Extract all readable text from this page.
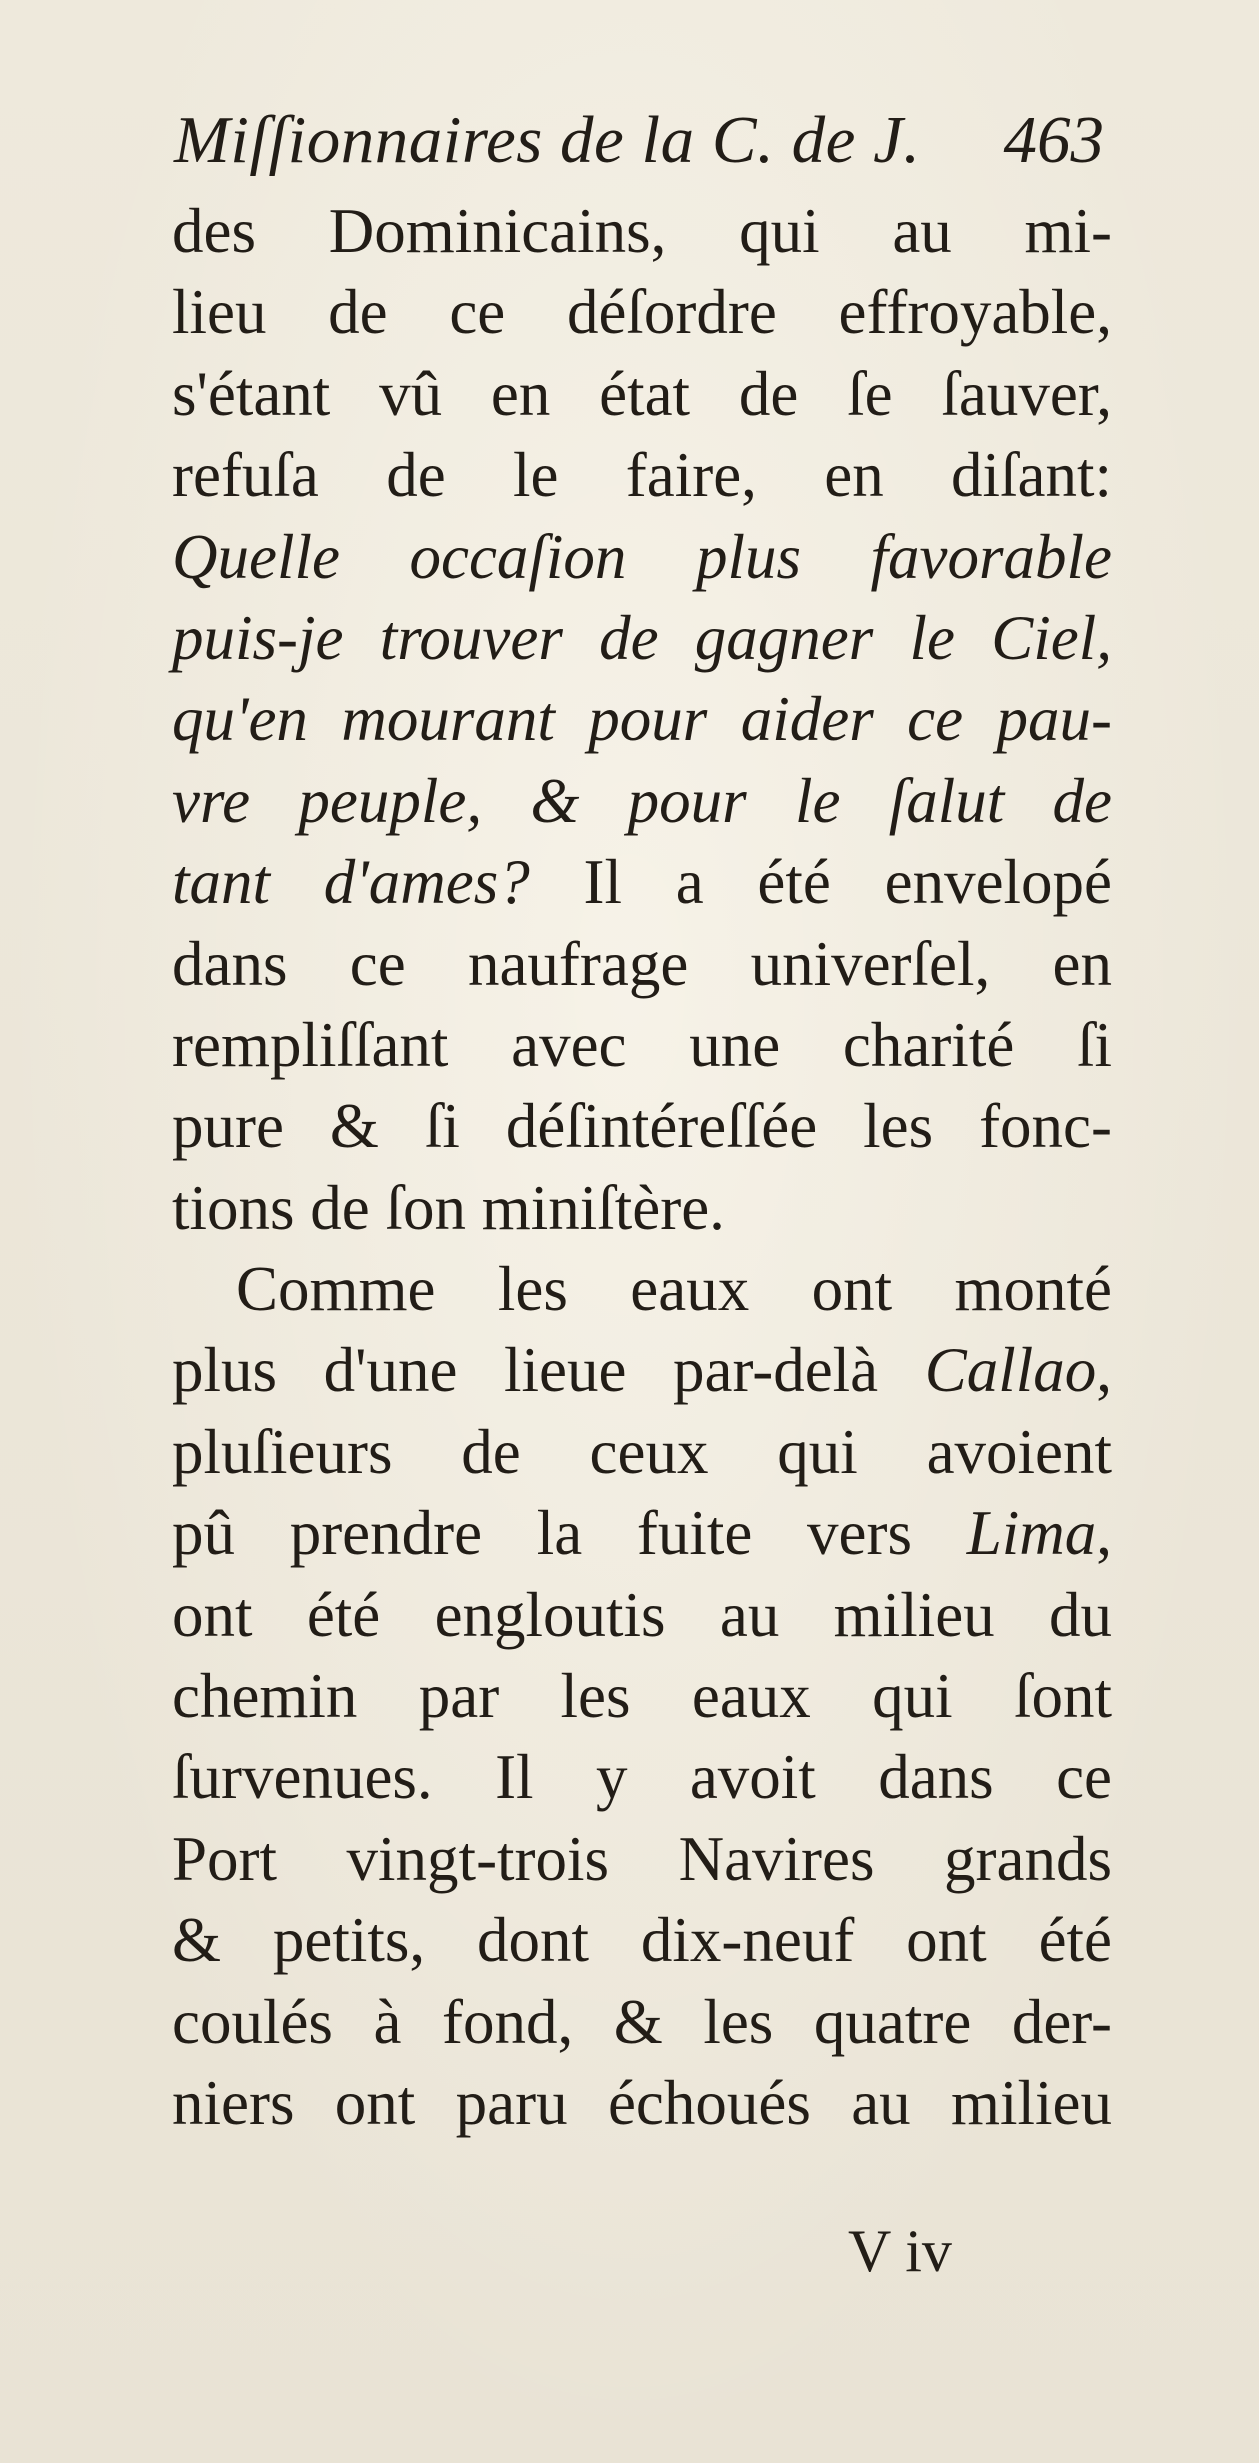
Miſſionnaires de la C. de J. 463
des Dominicains, qui au mi-
lieu de ce déſordre effroyable,
s'étant vû en état de ſe ſauver,
refuſa de le faire, en diſant:
Quelle occaſion plus favorable
puis-je trouver de gagner le Ciel,
qu'en mourant pour aider ce pau-
vre peuple, & pour le ſalut de
tant d'ames? Il a été envelopé
dans ce naufrage univerſel, en
rempliſſant avec une charité ſi
pure & ſi déſintéreſſée les fonc-
tions de ſon miniſtère.
Comme les eaux ont monté
plus d'une lieue par-delà Callao,
pluſieurs de ceux qui avoient
pû prendre la fuite vers Lima,
ont été engloutis au milieu du
chemin par les eaux qui ſont
ſurvenues. Il y avoit dans ce
Port vingt-trois Navires grands
& petits, dont dix-neuf ont été
coulés à fond, & les quatre der-
niers ont paru échoués au milieu
V iv
